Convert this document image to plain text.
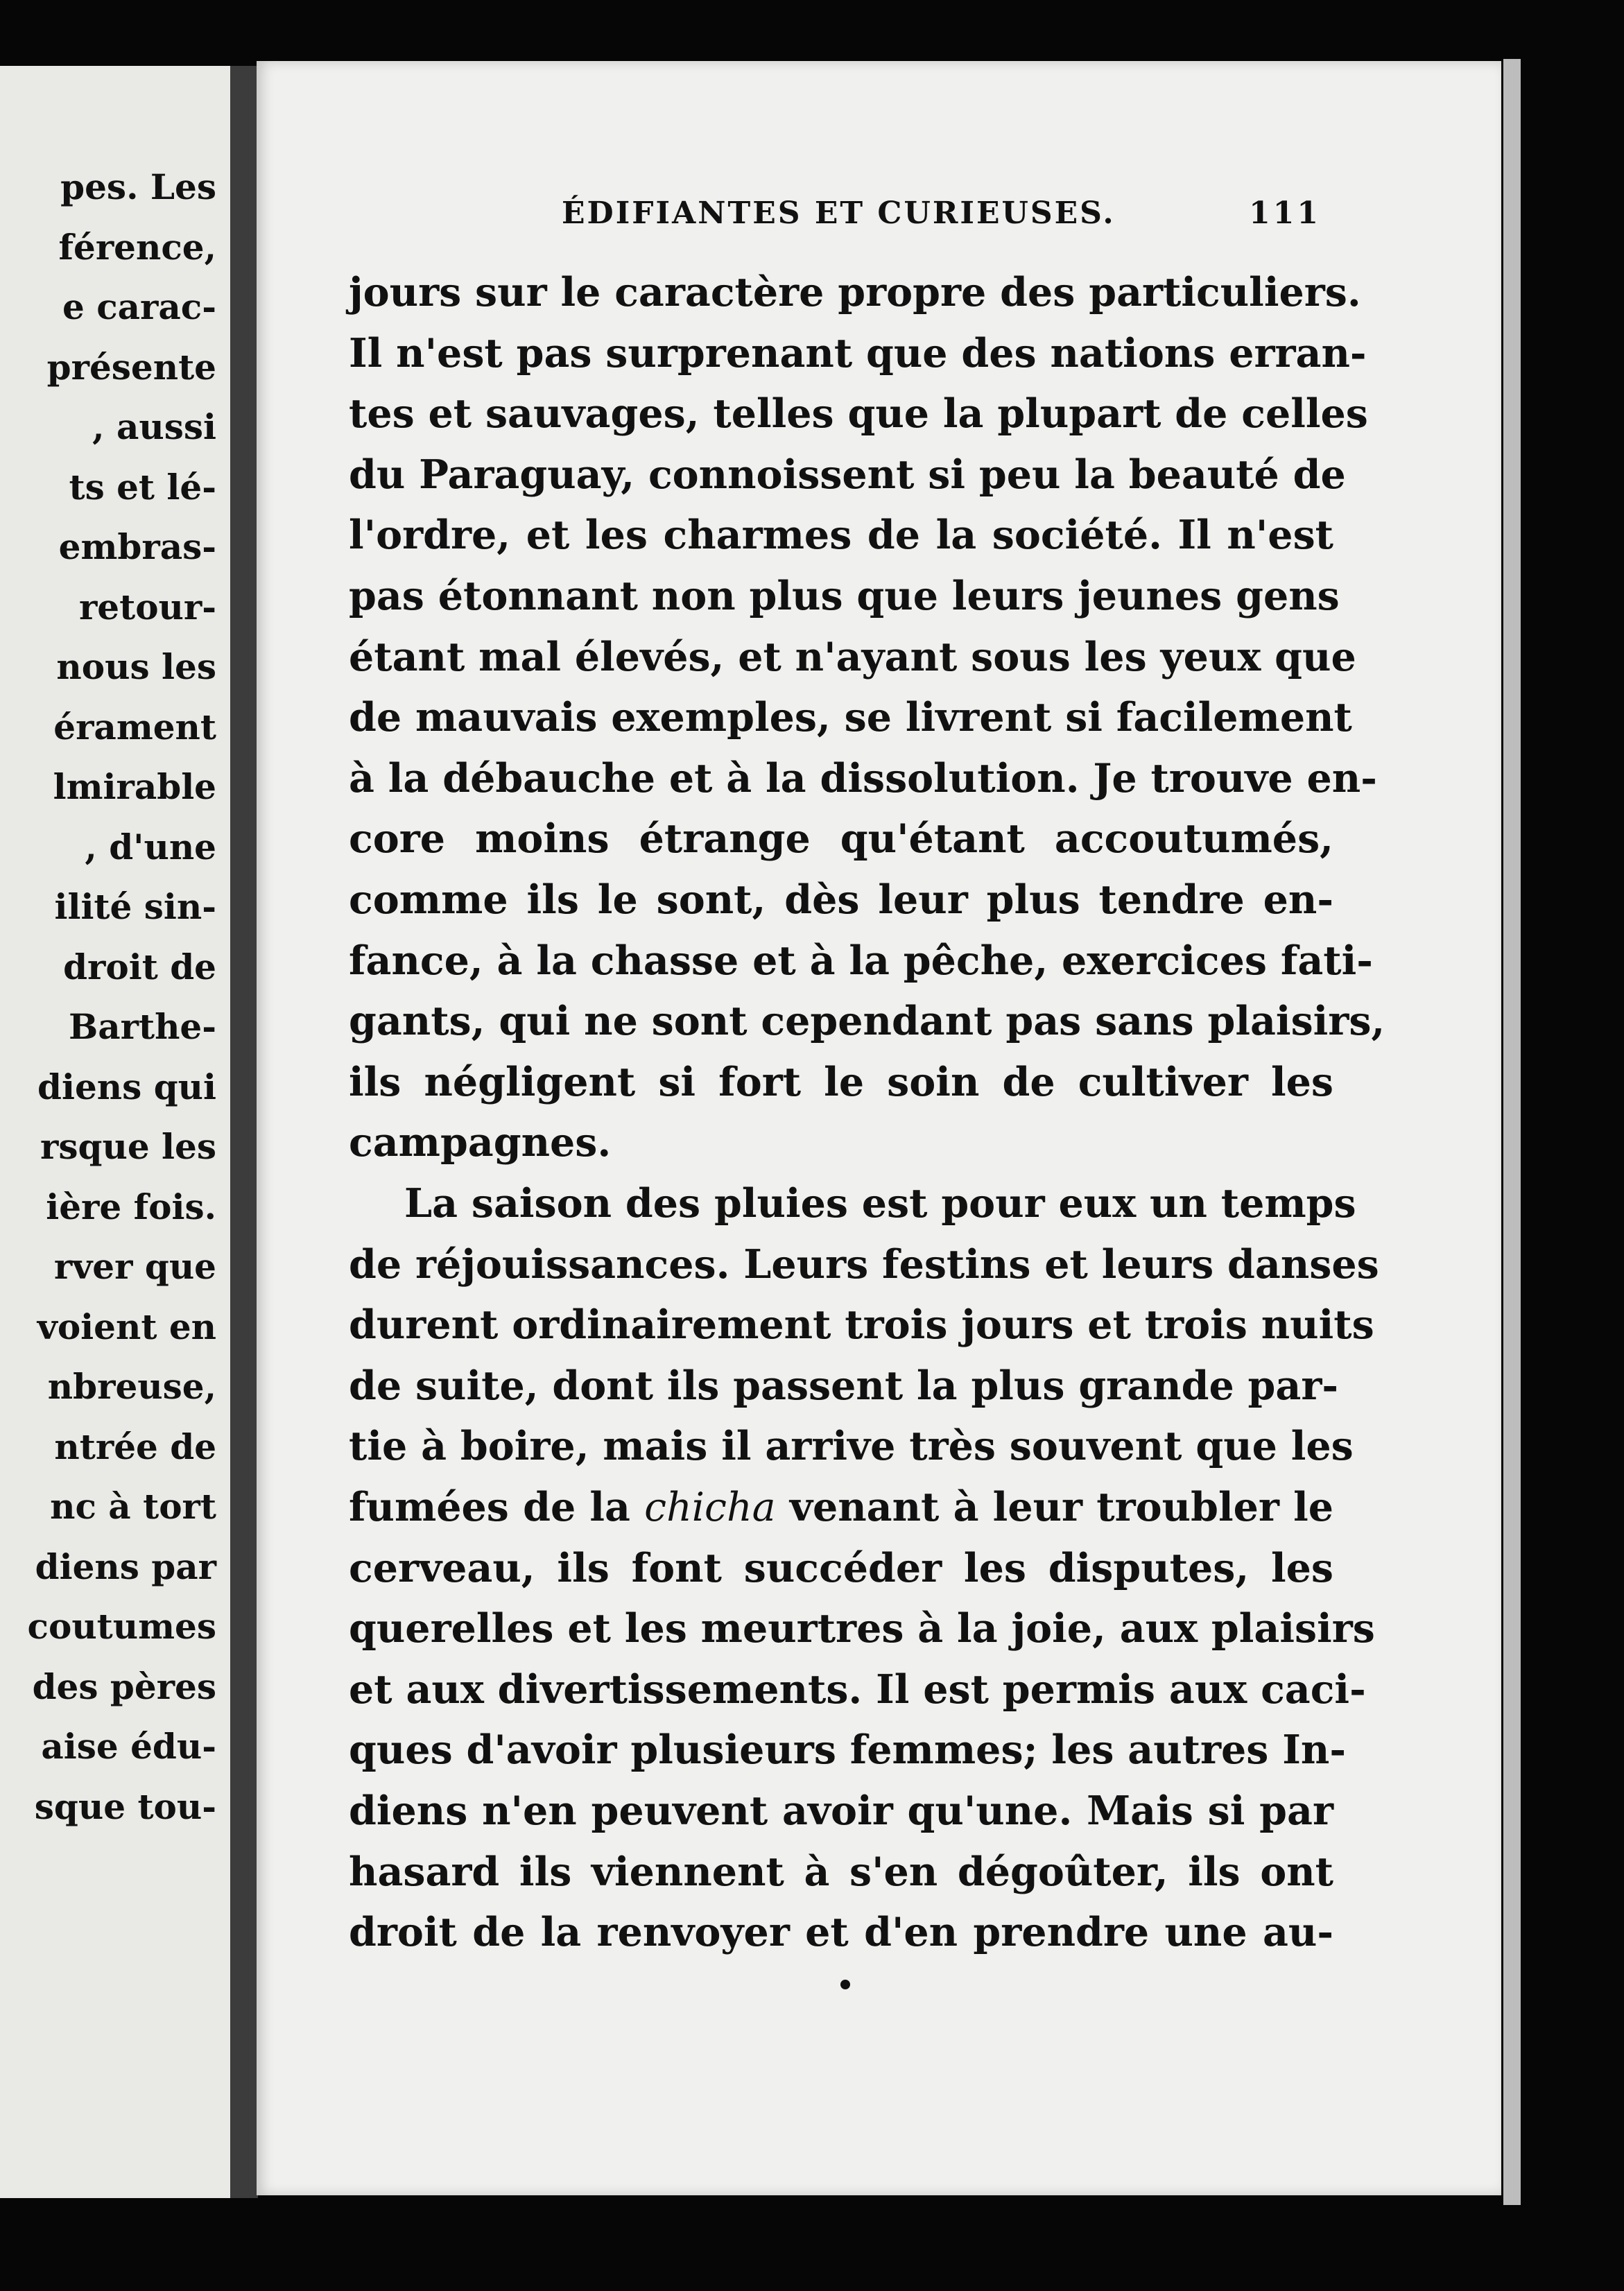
pes. Les

férence,

e carac-

présente

, aussi

ts et lé-

embras-

retour-

nous les

érament

lmirable

, d'une

ilité sin-

droit de

Barthe-

diens qui

rsque les

ière fois.

rver que

voient en

nbreuse,

ntrée de

nc à tort

diens par

coutumes

des pères

aise édu-

sque tou-

ÉDIFIANTES ET CURIEUSES.	111

jours sur le caractère propre des particuliers.

Il n'est pas surprenant que des nations erran-

tes et sauvages, telles que la plupart de celles

du Paraguay, connoissent si peu la beauté de

l'ordre, et les charmes de la société. Il n'est

pas étonnant non plus que leurs jeunes gens

étant mal élevés, et n'ayant sous les yeux que

de mauvais exemples, se livrent si facilement

à la débauche et à la dissolution. Je trouve en-

core moins étrange qu'étant accoutumés,

comme ils le sont, dès leur plus tendre en-

fance, à la chasse et à la pêche, exercices fati-

gants, qui ne sont cependant pas sans plaisirs,

ils négligent si fort le soin de cultiver les

campagnes.

La saison des pluies est pour eux un temps

de réjouissances. Leurs festins et leurs danses

durent ordinairement trois jours et trois nuits

de suite, dont ils passent la plus grande par-

tie à boire, mais il arrive très souvent que les

fumées de la chicha venant à leur troubler le

cerveau, ils font succéder les disputes, les

querelles et les meurtres à la joie, aux plaisirs

et aux divertissements. Il est permis aux caci-

ques d'avoir plusieurs femmes; les autres In-

diens n'en peuvent avoir qu'une. Mais si par

hasard ils viennent à s'en dégoûter, ils ont

droit de la renvoyer et d'en prendre une au-
